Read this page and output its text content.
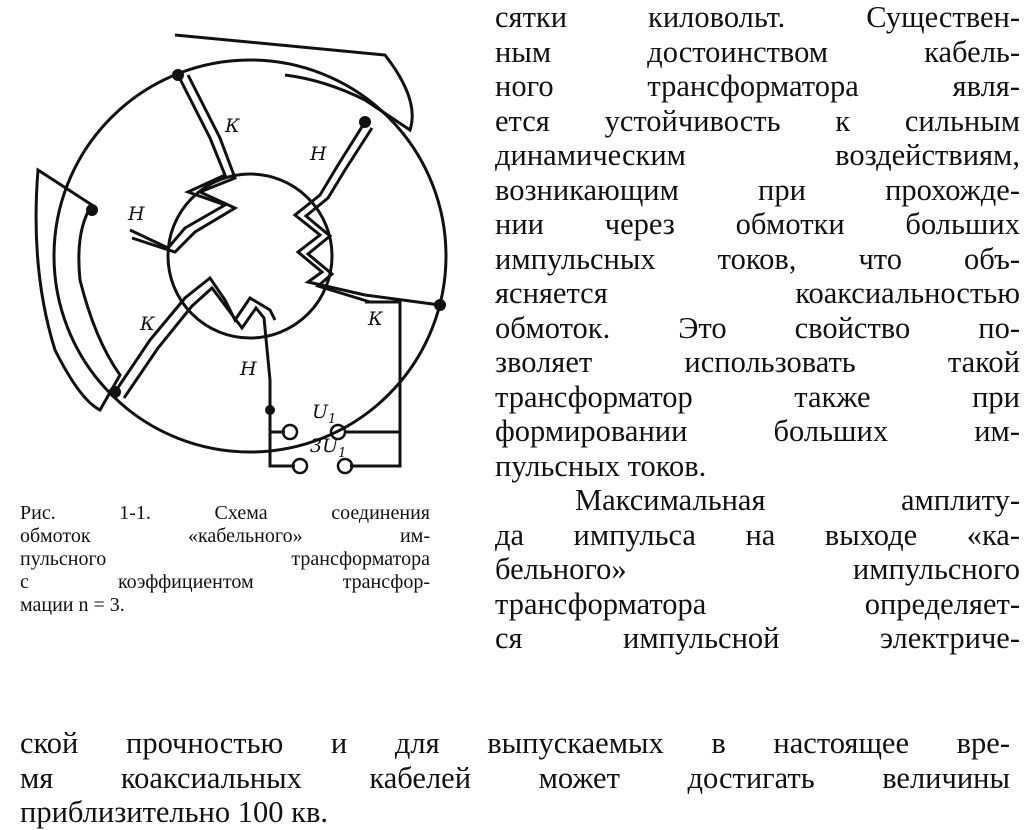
К
Н
Н
К	К
Н
$U_1$
$3U_1$
Рис. 1-1. Схема соединения
обмоток «кабельного» им-
пульсного трансформатора
с коэффициентом трансфор-
мации n = 3.
сятки киловольт. Существен-
ным достоинством кабель-
ного трансформатора явля-
ется устойчивость к сильным
динамическим воздействиям,
возникающим при прохожде-
нии через обмотки больших
импульсных токов, что объ-
ясняется коаксиальностью
обмоток. Это свойство по-
зволяет использовать такой
трансформатор также при
формировании больших им-
пульсных токов.
Максимальная амплиту-
да импульса на выходе «ка-
бельного» импульсного
трансформатора определяет-
ся импульсной электриче-
ской прочностью и для выпускаемых в настоящее вре-
мя коаксиальных кабелей может достигать величины
приблизительно 100 кв.
